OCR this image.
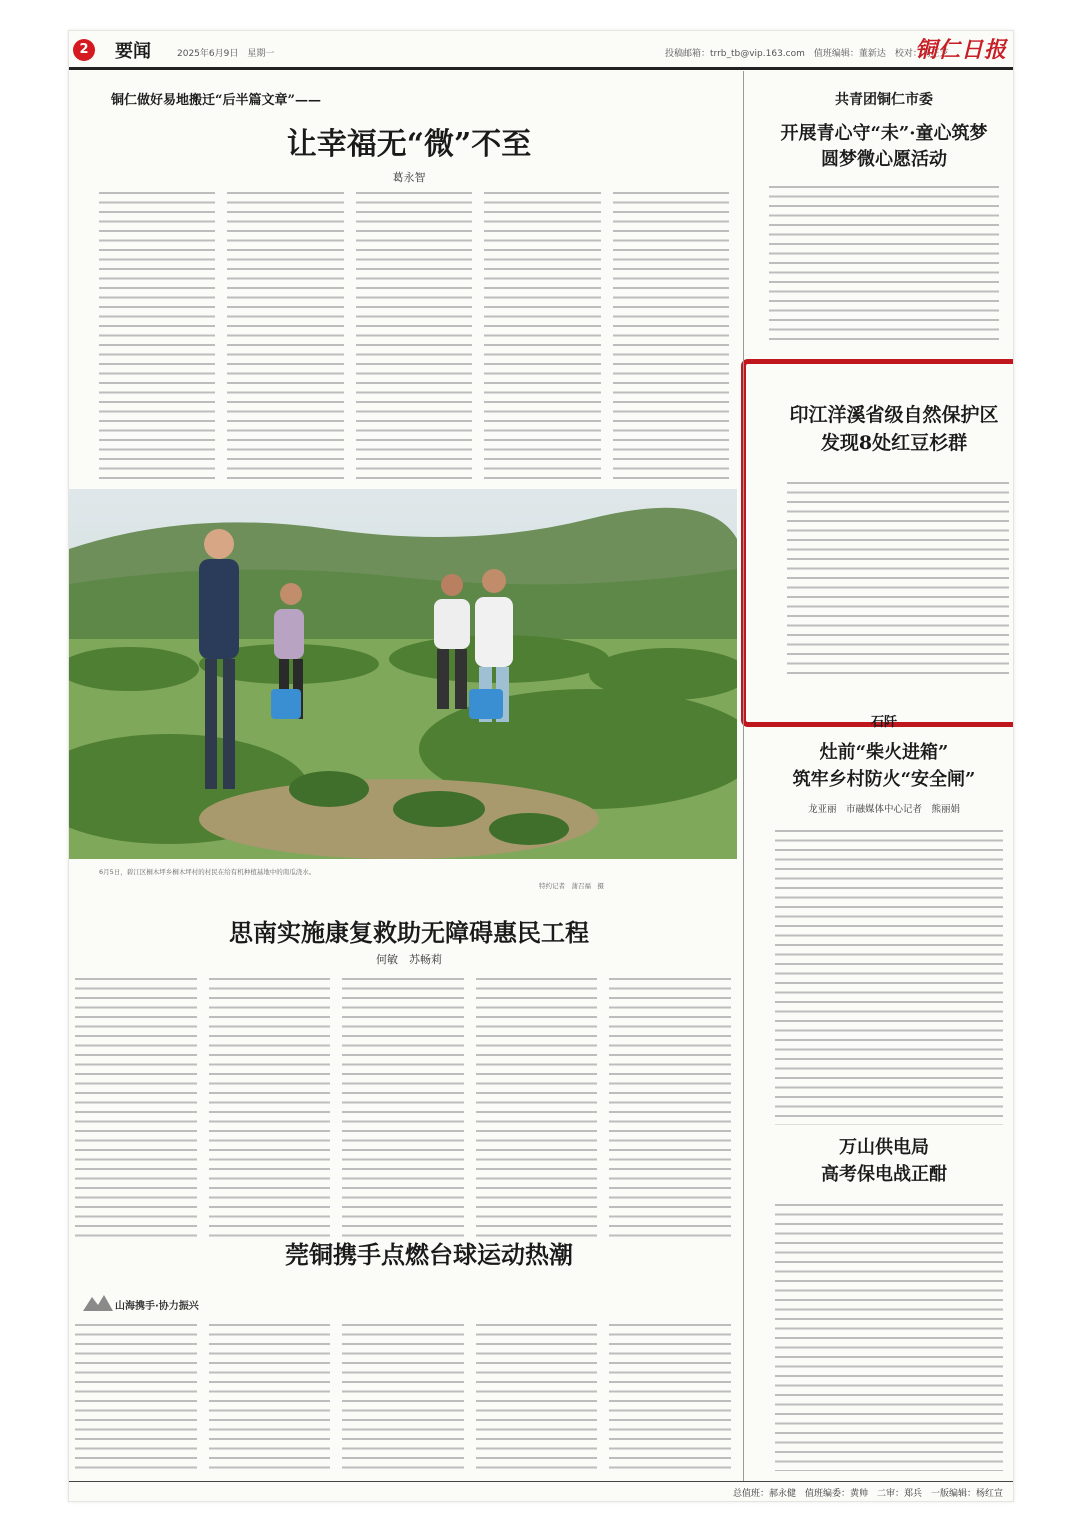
2	要闻	2025年6月9日　星期一	投稿邮箱：trrb_tb@vip.163.com　 值班编辑：董新达　校对：马正芝
铜仁日报
铜仁做好易地搬迁“后半篇文章”——
让幸福无“微”不至
葛永智
共青团铜仁市委
开展青心守“未”·童心筑梦
圆梦微心愿活动
印江洋溪省级自然保护区
发现8处红豆杉群
石阡
灶前“柴火进箱”
筑牢乡村防火“安全闸”
龙亚丽　市融媒体中心记者　熊丽娟
万山供电局
高考保电战正酣
6月5日，碧江区桐木坪乡桐木坪村的村民在给有机种植基地中的南瓜浇水。
特约记者　蒲召福　摄
思南实施康复救助无障碍惠民工程
何敏　苏畅莉
莞铜携手点燃台球运动热潮
山海携手·协力振兴
总值班：郝永健　值班编委：黄帅　二审：郑兵　一版编辑：杨红宣
